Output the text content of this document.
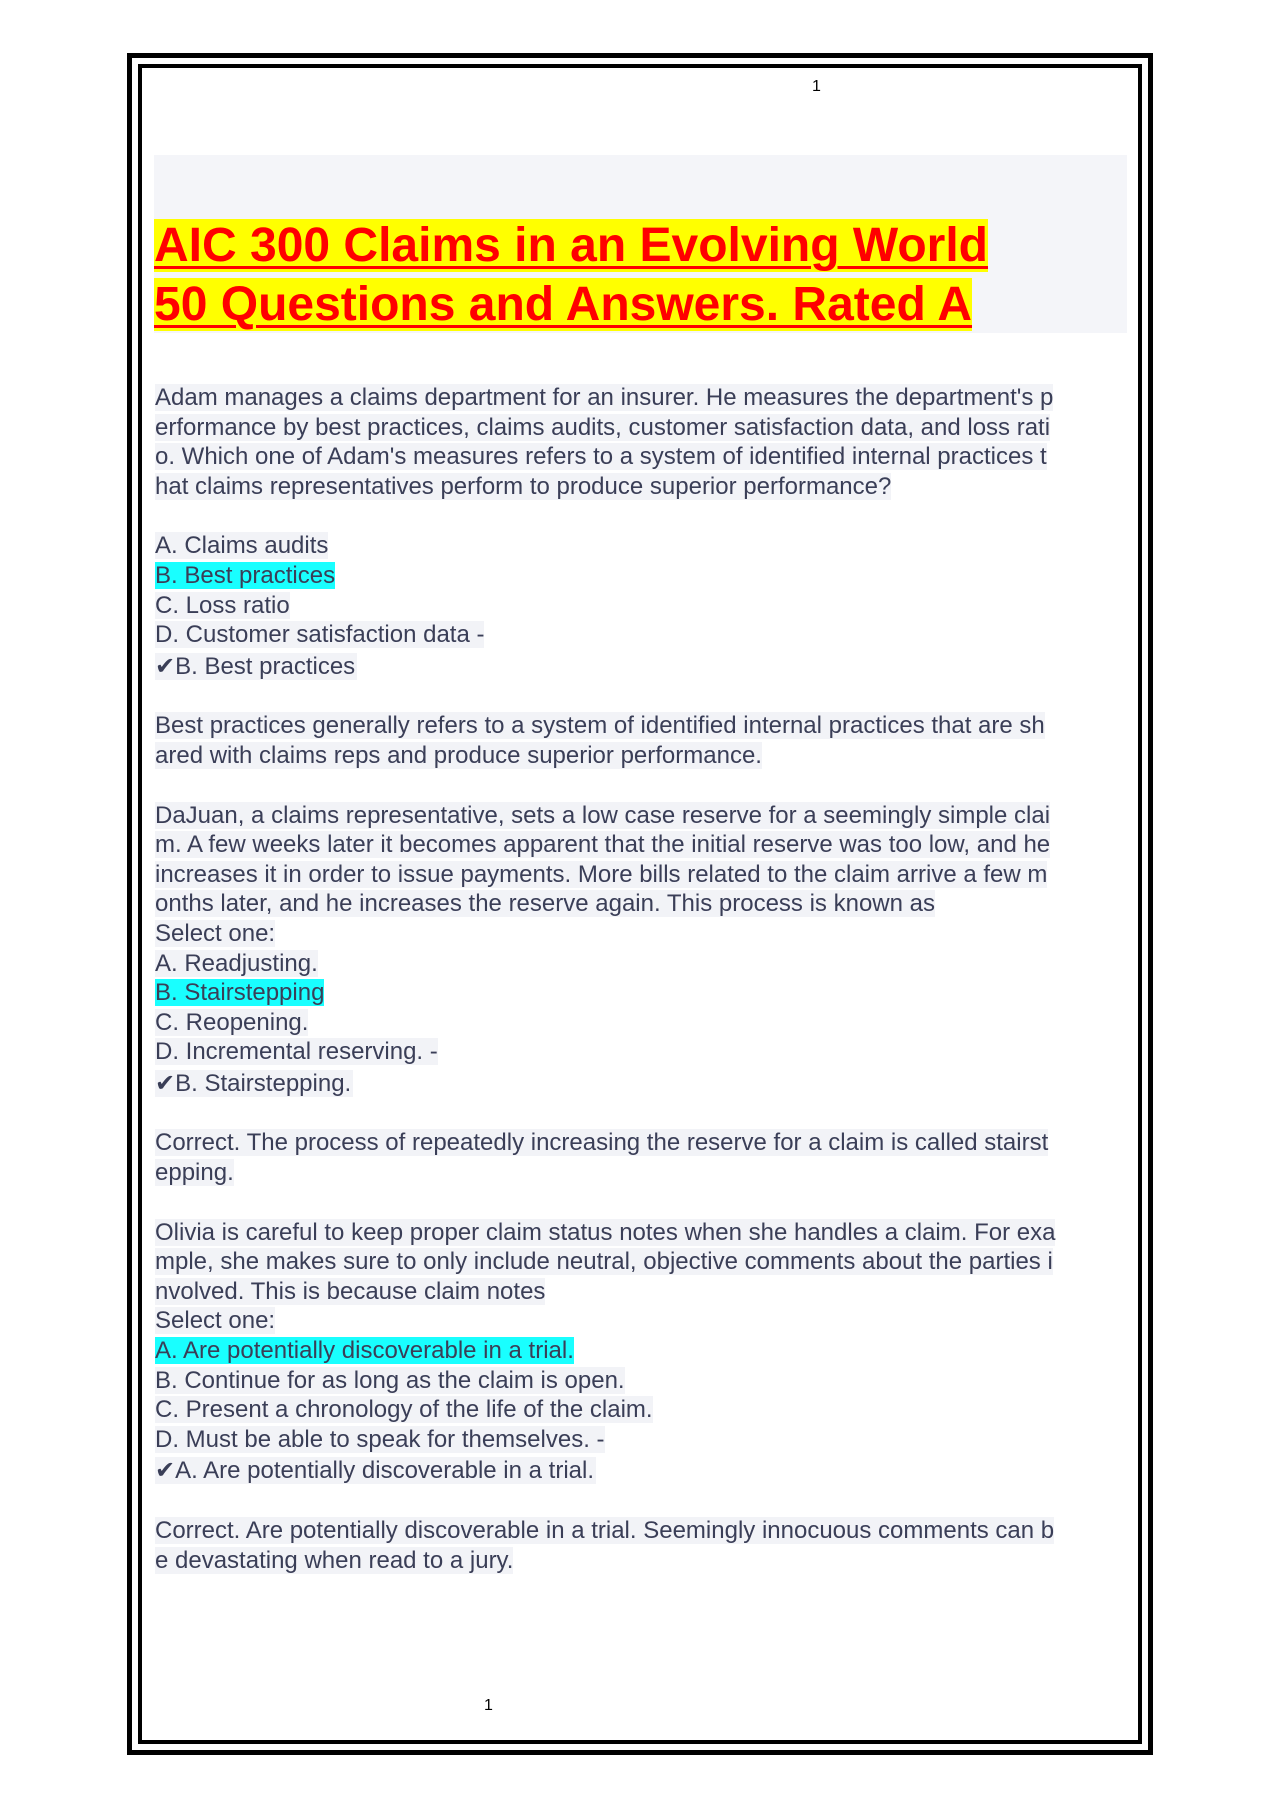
1
AIC 300 Claims in an Evolving World
50 Questions and Answers. Rated A
Adam manages a claims department for an insurer. He measures the department's p
erformance by best practices, claims audits, customer satisfaction data, and loss rati
o. Which one of Adam's measures refers to a system of identified internal practices t
hat claims representatives perform to produce superior performance?
A. Claims audits
B. Best practices
C. Loss ratio
D. Customer satisfaction data -
✔B. Best practices
Best practices generally refers to a system of identified internal practices that are sh
ared with claims reps and produce superior performance.
DaJuan, a claims representative, sets a low case reserve for a seemingly simple clai
m. A few weeks later it becomes apparent that the initial reserve was too low, and he
increases it in order to issue payments. More bills related to the claim arrive a few m
onths later, and he increases the reserve again. This process is known as
Select one:
A. Readjusting.
B. Stairstepping
C. Reopening.
D. Incremental reserving. -
✔B. Stairstepping.
Correct. The process of repeatedly increasing the reserve for a claim is called stairst
epping.
Olivia is careful to keep proper claim status notes when she handles a claim. For exa
mple, she makes sure to only include neutral, objective comments about the parties i
nvolved. This is because claim notes
Select one:
A. Are potentially discoverable in a trial.
B. Continue for as long as the claim is open.
C. Present a chronology of the life of the claim.
D. Must be able to speak for themselves. -
✔A. Are potentially discoverable in a trial.
Correct. Are potentially discoverable in a trial. Seemingly innocuous comments can b
e devastating when read to a jury.
1
